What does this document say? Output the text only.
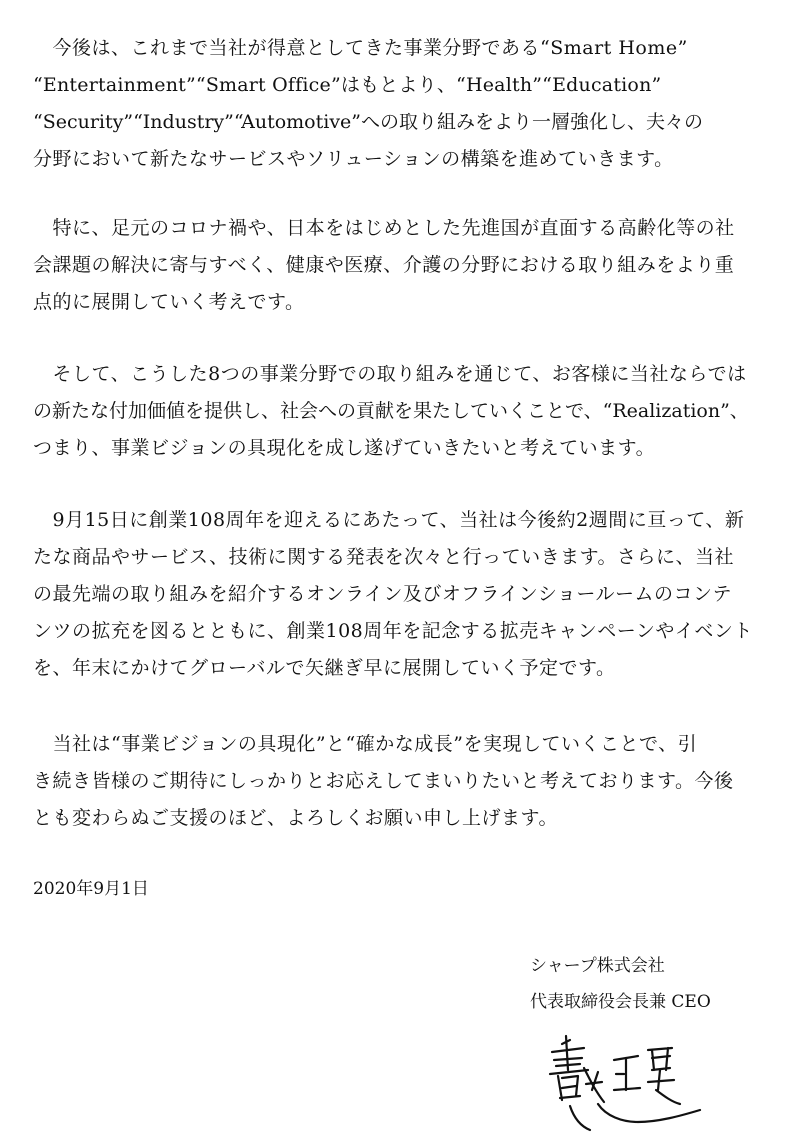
　今後は、これまで当社が得意としてきた事業分野である“Smart Home”
“Entertainment”“Smart Office”はもとより、“Health”“Education”
“Security”“Industry”“Automotive”への取り組みをより一層強化し、夫々の
分野において新たなサービスやソリューションの構築を進めていきます。
　特に、足元のコロナ禍や、日本をはじめとした先進国が直面する高齢化等の社
会課題の解決に寄与すべく、健康や医療、介護の分野における取り組みをより重
点的に展開していく考えです。
　そして、こうした8つの事業分野での取り組みを通じて、お客様に当社ならでは
の新たな付加価値を提供し、社会への貢献を果たしていくことで、“Realization”、
つまり、事業ビジョンの具現化を成し遂げていきたいと考えています。
　9月15日に創業108周年を迎えるにあたって、当社は今後約2週間に亘って、新
たな商品やサービス、技術に関する発表を次々と行っていきます。さらに、当社
の最先端の取り組みを紹介するオンライン及びオフラインショールームのコンテ
ンツの拡充を図るとともに、創業108周年を記念する拡売キャンペーンやイベント
を、年末にかけてグローバルで矢継ぎ早に展開していく予定です。
　当社は“事業ビジョンの具現化”と“確かな成長”を実現していくことで、引
き続き皆様のご期待にしっかりとお応えしてまいりたいと考えております。今後
とも変わらぬご支援のほど、よろしくお願い申し上げます。
2020年9月1日
シャープ株式会社
代表取締役会長兼 CEO
